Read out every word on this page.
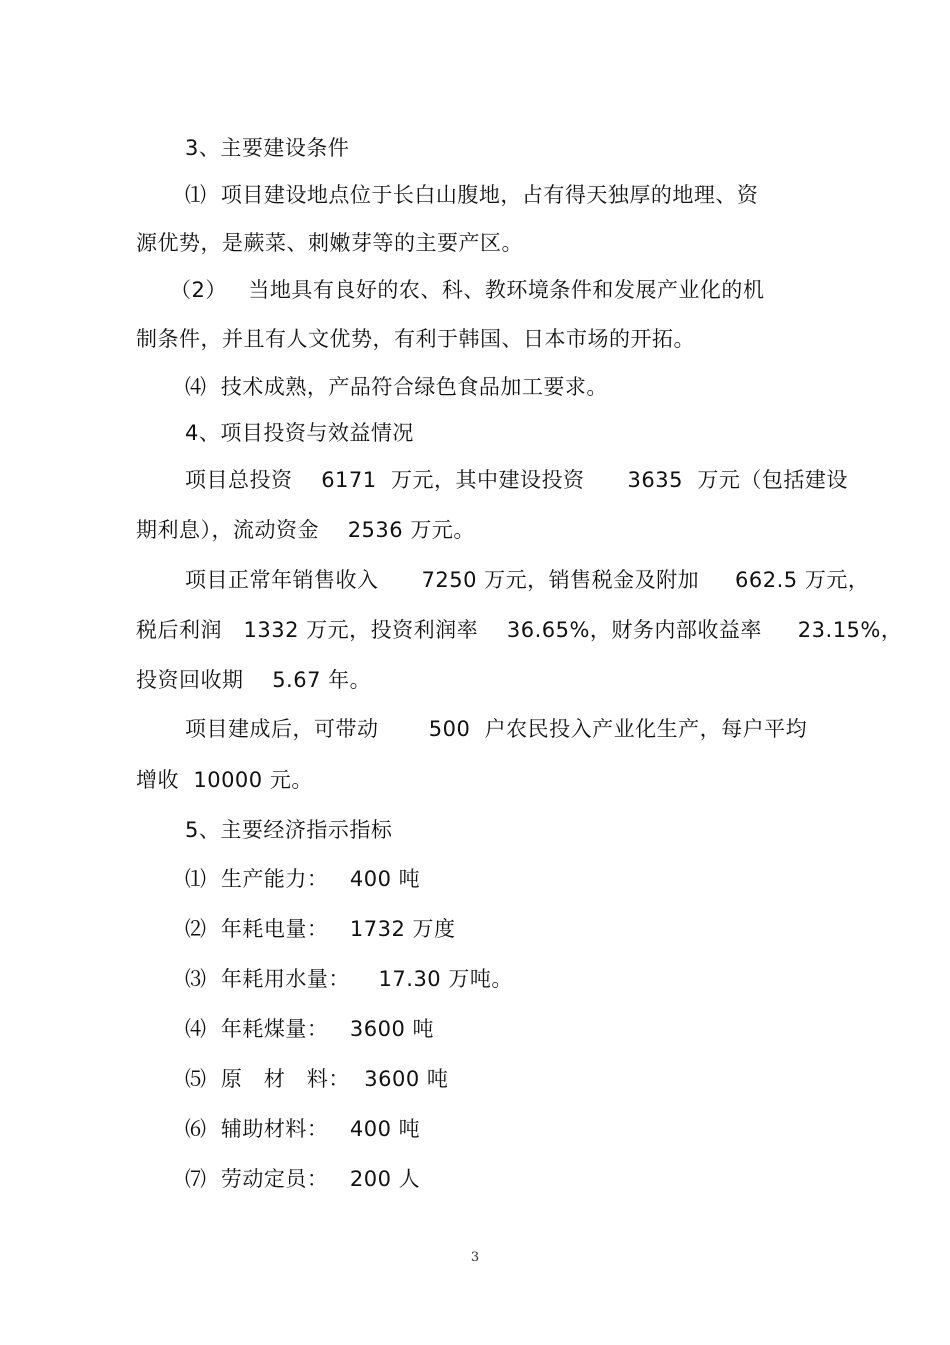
3、主要建设条件
⑴  项目建设地点位于长白山腹地，占有得天独厚的地理、资
源优势，是蕨菜、刺嫩芽等的主要产区。
（2）   当地具有良好的农、科、教环境条件和发展产业化的机
制条件，并且有人文优势，有利于韩国、日本市场的开拓。
⑷  技术成熟，产品符合绿色食品加工要求。
4、项目投资与效益情况
项目总投资    6171  万元，其中建设投资      3635  万元（包括建设
期利息），流动资金    2536 万元。
项目正常年销售收入      7250 万元，销售税金及附加     662.5 万元，
税后利润   1332 万元，投资利润率    36.65%，财务内部收益率     23.15%，
投资回收期    5.67 年。
项目建成后，可带动       500  户农民投入产业化生产，每户平均
增收  10000 元。
5、主要经济指示指标
⑴  生产能力：   400 吨
⑵  年耗电量：   1732 万度
⑶  年耗用水量：    17.30 万吨。
⑷  年耗煤量：   3600 吨
⑸  原   材   料：  3600 吨
⑹  辅助材料：   400 吨
⑺  劳动定员：   200 人
3
